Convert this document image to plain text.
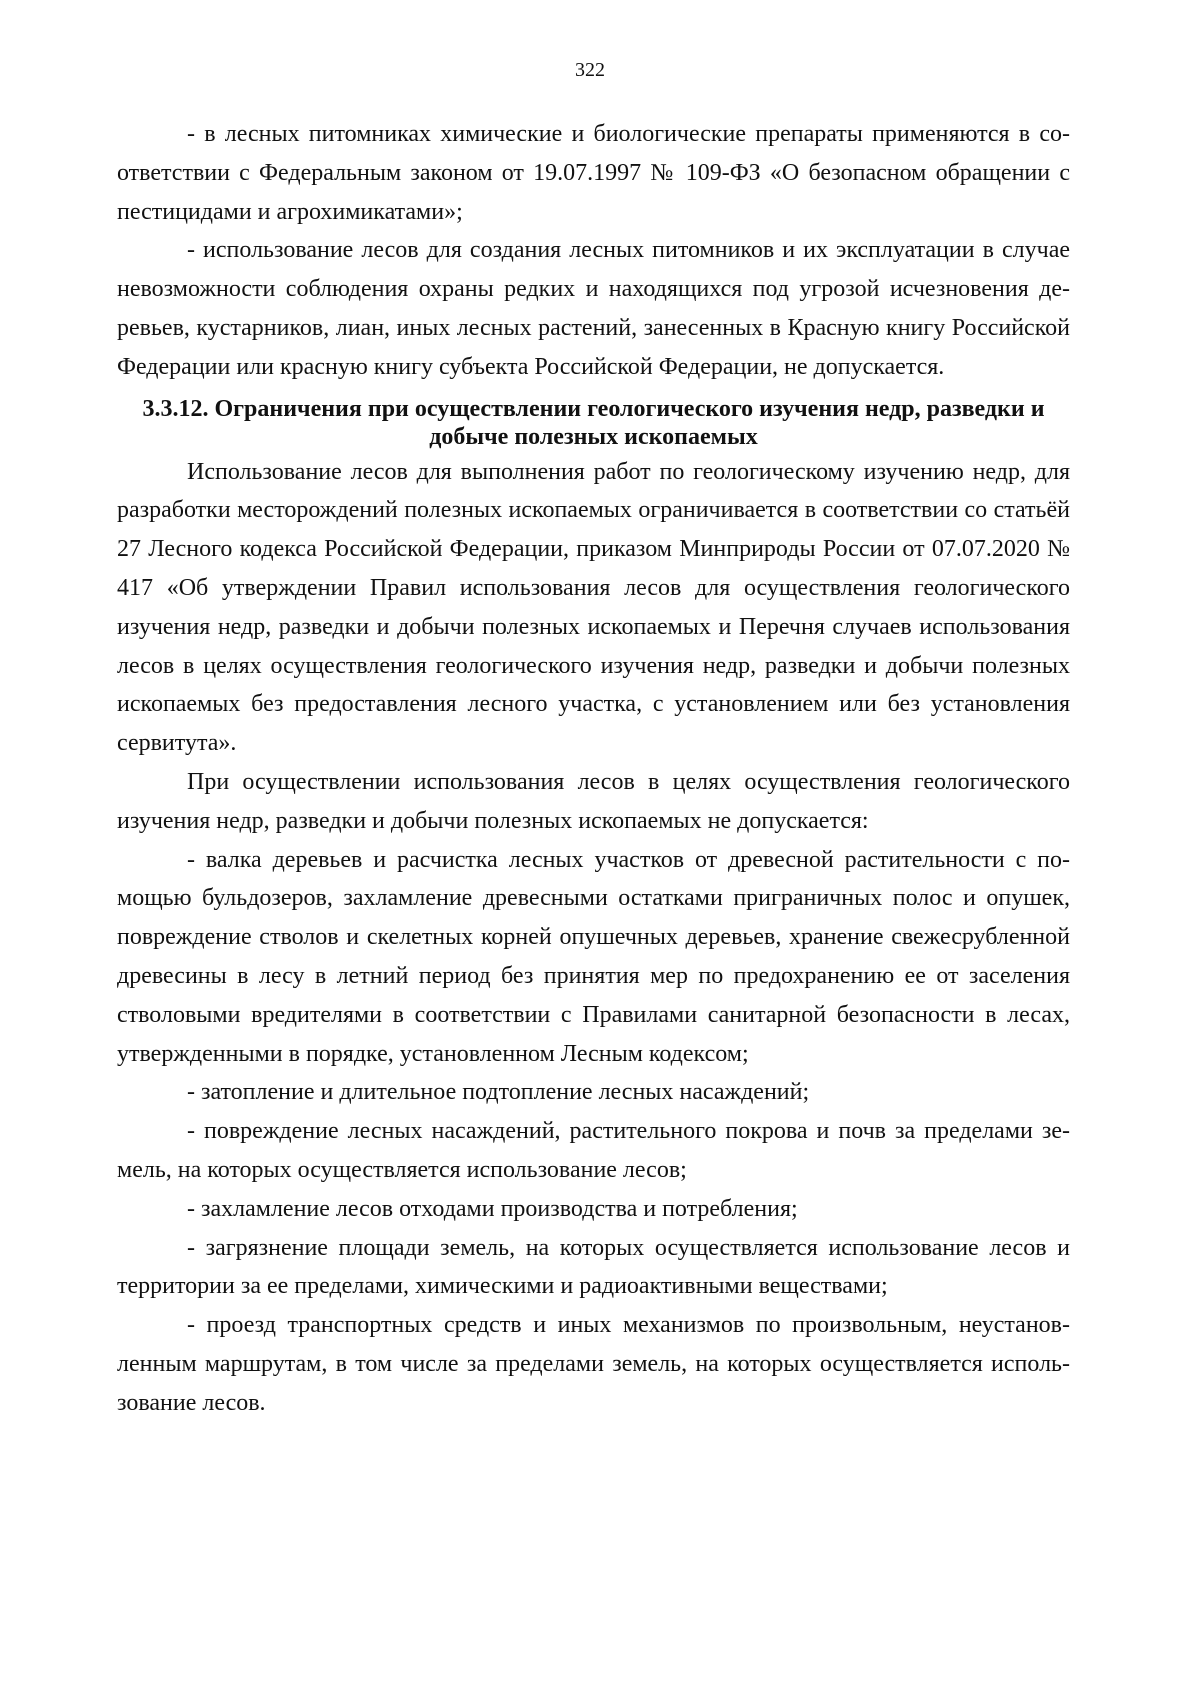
322

- в лесных питомниках химические и биологические препараты применяются в соответствии с Федеральным законом от 19.07.1997 № 109-ФЗ «О безопасном обращении с пестицидами и агрохимикатами»;

- использование лесов для создания лесных питомников и их эксплуатации в случае невозможности соблюдения охраны редких и находящихся под угрозой исчезновения деревьев, кустарников, лиан, иных лесных растений, занесенных в Красную книгу Российской Федерации или красную книгу субъекта Российской Федерации, не допускается.

3.3.12. Ограничения при осуществлении геологического изучения недр, разведки и добыче полезных ископаемых

Использование лесов для выполнения работ по геологическому изучению недр, для разработки месторождений полезных ископаемых ограничивается в соответствии со статьёй 27 Лесного кодекса Российской Федерации, приказом Минприроды России от 07.07.2020 № 417 «Об утверждении Правил использования лесов для осуществления геологического изучения недр, разведки и добычи полезных ископаемых и Перечня случаев использования лесов в целях осуществления геологического изучения недр, разведки и добычи полезных ископаемых без предоставления лесного участка, с установлением или без установления сервитута».

При осуществлении использования лесов в целях осуществления геологического изучения недр, разведки и добычи полезных ископаемых не допускается:

- валка деревьев и расчистка лесных участков от древесной растительности с помощью бульдозеров, захламление древесными остатками приграничных полос и опушек, повреждение стволов и скелетных корней опушечных деревьев, хранение свежесрубленной древесины в лесу в летний период без принятия мер по предохранению ее от заселения стволовыми вредителями в соответствии с Правилами санитарной безопасности в лесах, утвержденными в порядке, установленном Лесным кодексом;

- затопление и длительное подтопление лесных насаждений;

- повреждение лесных насаждений, растительного покрова и почв за пределами земель, на которых осуществляется использование лесов;

- захламление лесов отходами производства и потребления;

- загрязнение площади земель, на которых осуществляется использование лесов и территории за ее пределами, химическими и радиоактивными веществами;

- проезд транспортных средств и иных механизмов по произвольным, неустановленным маршрутам, в том числе за пределами земель, на которых осуществляется использование лесов.
